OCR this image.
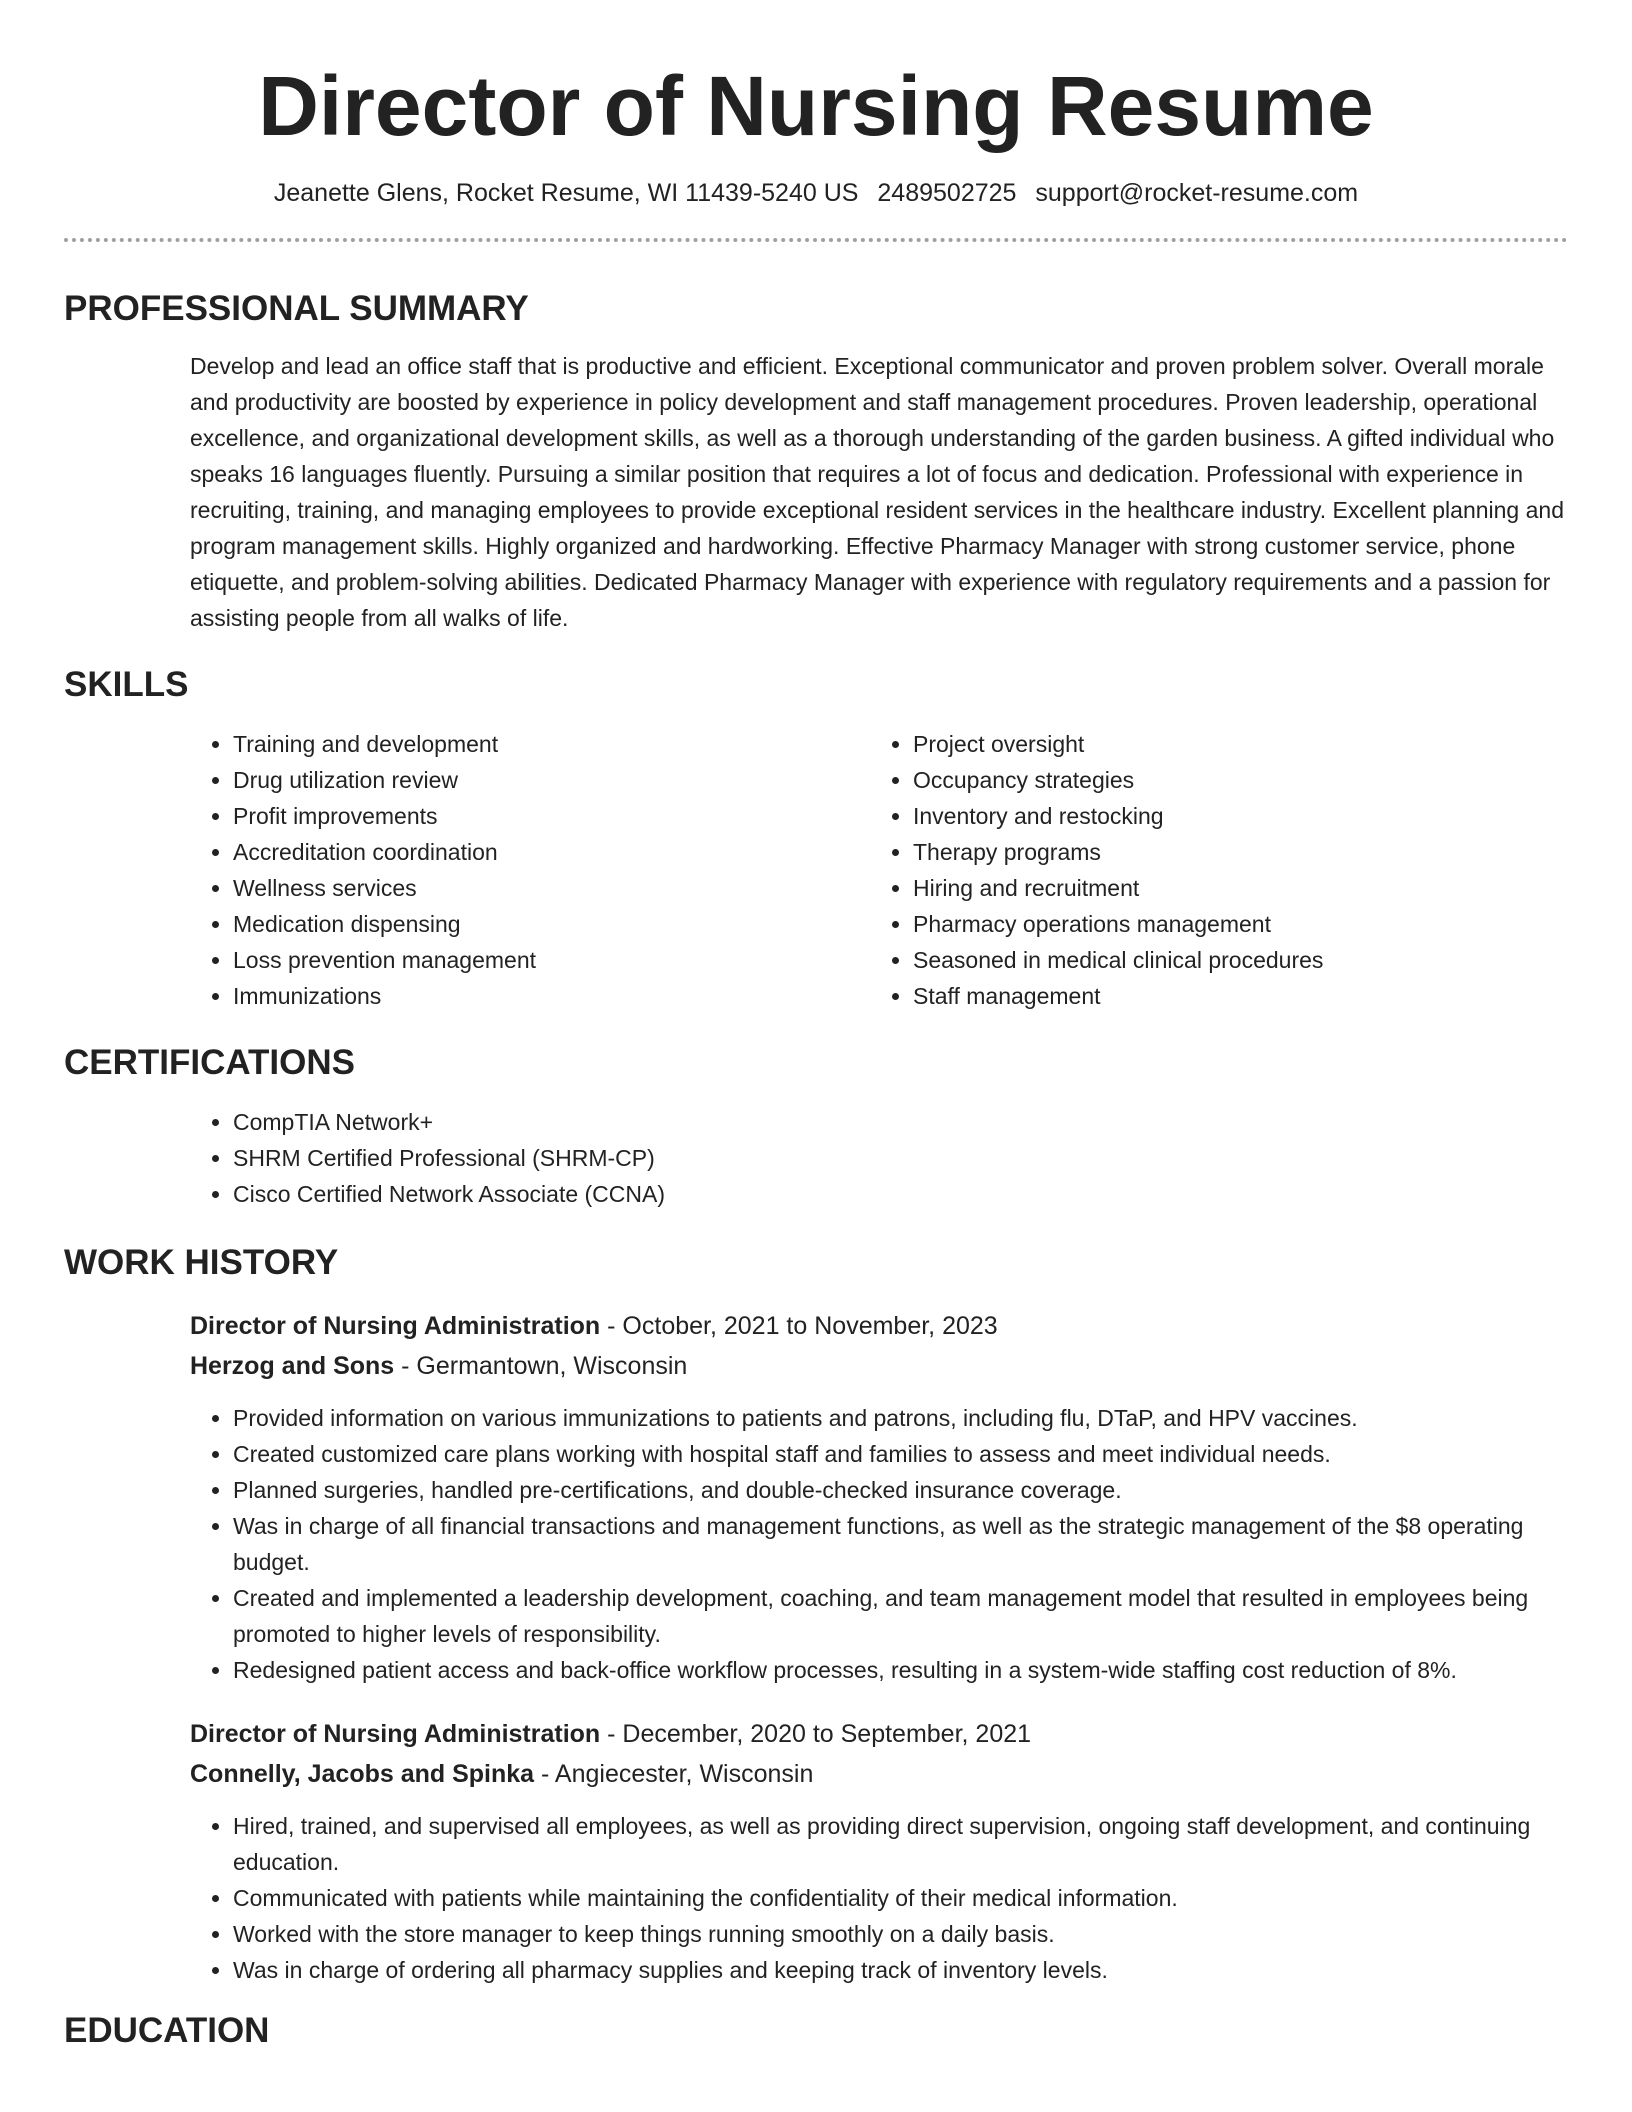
Director of Nursing Resume
Jeanette Glens, Rocket Resume, WI 11439-5240 US 2489502725 support@rocket-resume.com
PROFESSIONAL SUMMARY

Develop and lead an office staff that is productive and efficient. Exceptional communicator and proven problem solver. Overall morale and productivity are boosted by experience in policy development and staff management procedures. Proven leadership, operational excellence, and organizational development skills, as well as a thorough understanding of the garden business. A gifted individual who speaks 16 languages fluently. Pursuing a similar position that requires a lot of focus and dedication. Professional with experience in recruiting, training, and managing employees to provide exceptional resident services in the healthcare industry. Excellent planning and program management skills. Highly organized and hardworking. Effective Pharmacy Manager with strong customer service, phone etiquette, and problem-solving abilities. Dedicated Pharmacy Manager with experience with regulatory requirements and a passion for assisting people from all walks of life.

SKILLS
• Training and development
• Drug utilization review
• Profit improvements
• Accreditation coordination
• Wellness services
• Medication dispensing
• Loss prevention management
• Immunizations
• Project oversight
• Occupancy strategies
• Inventory and restocking
• Therapy programs
• Hiring and recruitment
• Pharmacy operations management
• Seasoned in medical clinical procedures
• Staff management
CERTIFICATIONS
• CompTIA Network+
• SHRM Certified Professional (SHRM-CP)
• Cisco Certified Network Associate (CCNA)
WORK HISTORY
Director of Nursing Administration - October, 2021 to November, 2023
Herzog and Sons - Germantown, Wisconsin
• Provided information on various immunizations to patients and patrons, including flu, DTaP, and HPV vaccines.
• Created customized care plans working with hospital staff and families to assess and meet individual needs.
• Planned surgeries, handled pre-certifications, and double-checked insurance coverage.
• Was in charge of all financial transactions and management functions, as well as the strategic management of the $8 operating budget.
• Created and implemented a leadership development, coaching, and team management model that resulted in employees being promoted to higher levels of responsibility.
• Redesigned patient access and back-office workflow processes, resulting in a system-wide staffing cost reduction of 8%.
Director of Nursing Administration - December, 2020 to September, 2021
Connelly, Jacobs and Spinka - Angiecester, Wisconsin
• Hired, trained, and supervised all employees, as well as providing direct supervision, ongoing staff development, and continuing education.
• Communicated with patients while maintaining the confidentiality of their medical information.
• Worked with the store manager to keep things running smoothly on a daily basis.
• Was in charge of ordering all pharmacy supplies and keeping track of inventory levels.
EDUCATION
